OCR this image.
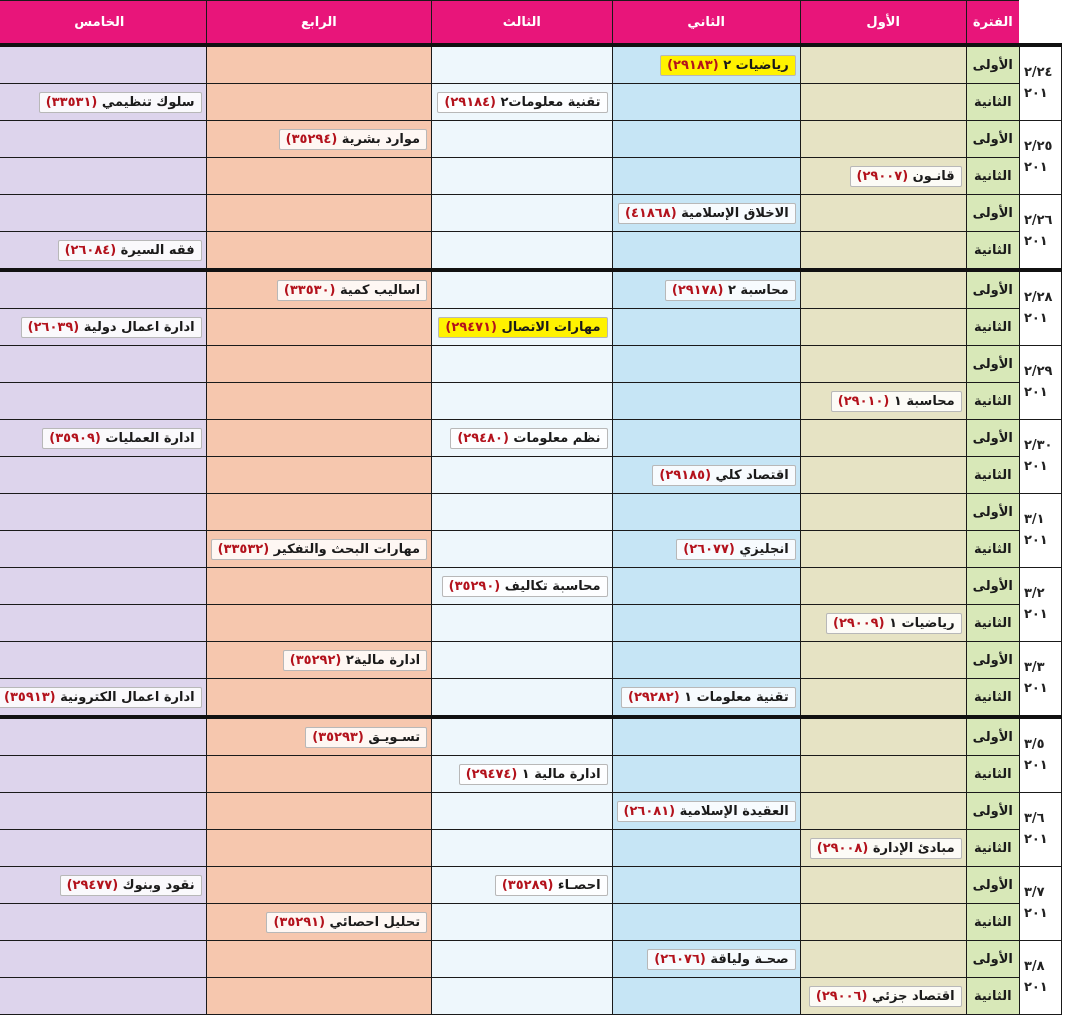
	الفترة	الأول	الثاني	الثالث	الرابع	الخامس

٢/٢٤
٢٠١	الأولى		رياضيات ٢ (٢٩١٨٣)			
	الثانية			تقنية معلومات٢ (٢٩١٨٤)		سلوك تنظيمي (٣٣٥٣١)

٢/٢٥
٢٠١	الأولى				موارد بشرية (٣٥٢٩٤)	
	الثانية	قانـون (٢٩٠٠٧)				

٢/٢٦
٢٠١	الأولى		الاخلاق الإسلامية (٤١٨٦٨)			
	الثانية					فقه السيرة (٢٦٠٨٤)

٢/٢٨
٢٠١	الأولى		محاسبة ٢ (٢٩١٧٨)		اساليب كمية (٣٣٥٣٠)	
	الثانية			مهارات الاتصال (٢٩٤٧١)		ادارة اعمال دولية (٢٦٠٣٩)

٢/٢٩
٢٠١	الأولى					
	الثانية	محاسبة ١ (٢٩٠١٠)				

٢/٣٠
٢٠١	الأولى			نظم معلومات (٢٩٤٨٠)		ادارة العمليات (٣٥٩٠٩)
	الثانية		اقتصاد كلي (٢٩١٨٥)			

٣/١
٢٠١	الأولى					
	الثانية		انجليزي (٢٦٠٧٧)		مهارات البحث والتفكير (٣٣٥٣٢)	

٣/٢
٢٠١	الأولى			محاسبة تكاليف (٣٥٢٩٠)		
	الثانية	رياضيات ١ (٢٩٠٠٩)				

٣/٣
٢٠١	الأولى				ادارة مالية٢ (٣٥٢٩٢)	
	الثانية		تقنية معلومات ١ (٢٩٢٨٢)			ادارة اعمال الكترونية (٣٥٩١٣)

٣/٥
٢٠١	الأولى				تسـويـق (٣٥٢٩٣)	
	الثانية			ادارة مالية ١ (٢٩٤٧٤)		

٣/٦
٢٠١	الأولى		العقيدة الإسلامية (٢٦٠٨١)			
	الثانية	مبادئ الإدارة (٢٩٠٠٨)				

٣/٧
٢٠١	الأولى			احصـاء (٣٥٢٨٩)		نقود وبنوك (٢٩٤٧٧)
	الثانية				تحليل احصائي (٣٥٢٩١)	

٣/٨
٢٠١	الأولى		صحـة ولياقة (٢٦٠٧٦)			
	الثانية	اقتصاد جزئي (٢٩٠٠٦)				
